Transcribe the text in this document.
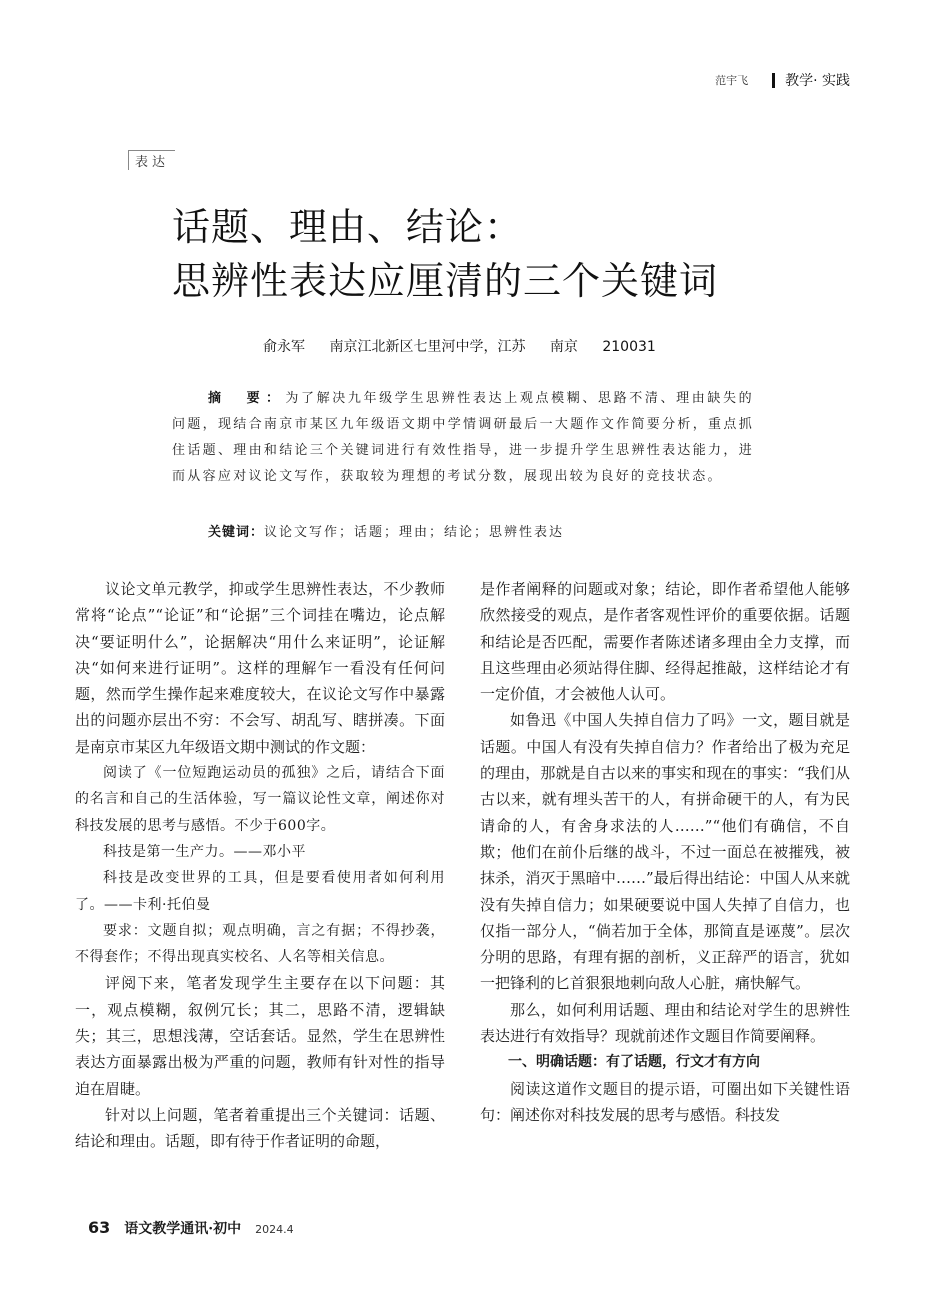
范宇飞	教学· 实践
表达
话题、理由、结论：
思辨性表达应厘清的三个关键词
俞永军 南京江北新区七里河中学，江苏 南京 210031
摘　要：为了解决九年级学生思辨性表达上观点模糊、思路不清、理由缺失的问题，现结合南京市某区九年级语文期中学情调研最后一大题作文作简要分析，重点抓住话题、理由和结论三个关键词进行有效性指导，进一步提升学生思辨性表达能力，进而从容应对议论文写作，获取较为理想的考试分数，展现出较为良好的竞技状态。
关键词：议论文写作；话题；理由；结论；思辨性表达

议论文单元教学，抑或学生思辨性表达，不少教师常将“论点”“论证”和“论据”三个词挂在嘴边，论点解决“要证明什么”，论据解决“用什么来证明”，论证解决“如何来进行证明”。这样的理解乍一看没有任何问题，然而学生操作起来难度较大，在议论文写作中暴露出的问题亦层出不穷：不会写、胡乱写、瞎拼凑。下面是南京市某区九年级语文期中测试的作文题：

阅读了《一位短跑运动员的孤独》之后，请结合下面的名言和自己的生活体验，写一篇议论性文章，阐述你对科技发展的思考与感悟。不少于600字。

科技是第一生产力。——邓小平

科技是改变世界的工具，但是要看使用者如何利用了。——卡利·托伯曼

要求：文题自拟；观点明确，言之有据；不得抄袭，不得套作；不得出现真实校名、人名等相关信息。

评阅下来，笔者发现学生主要存在以下问题：其一，观点模糊，叙例冗长；其二，思路不清，逻辑缺失；其三，思想浅薄，空话套话。显然，学生在思辨性表达方面暴露出极为严重的问题，教师有针对性的指导迫在眉睫。

针对以上问题，笔者着重提出三个关键词：话题、结论和理由。话题，即有待于作者证明的命题，

是作者阐释的问题或对象；结论，即作者希望他人能够欣然接受的观点，是作者客观性评价的重要依据。话题和结论是否匹配，需要作者陈述诸多理由全力支撑，而且这些理由必须站得住脚、经得起推敲，这样结论才有一定价值，才会被他人认可。

如鲁迅《中国人失掉自信力了吗》一文，题目就是话题。中国人有没有失掉自信力？作者给出了极为充足的理由，那就是自古以来的事实和现在的事实：“我们从古以来，就有埋头苦干的人，有拼命硬干的人，有为民请命的人，有舍身求法的人……”“他们有确信，不自欺；他们在前仆后继的战斗，不过一面总在被摧残，被抹杀，消灭于黑暗中……”最后得出结论：中国人从来就没有失掉自信力；如果硬要说中国人失掉了自信力，也仅指一部分人，“倘若加于全体，那简直是诬蔑”。层次分明的思路，有理有据的剖析，义正辞严的语言，犹如一把锋利的匕首狠狠地刺向敌人心脏，痛快解气。

那么，如何利用话题、理由和结论对学生的思辨性表达进行有效指导？现就前述作文题目作简要阐释。

一、明确话题：有了话题，行文才有方向

阅读这道作文题目的提示语，可圈出如下关键性语句：阐述你对科技发展的思考与感悟。科技发

63 语文教学通讯·初中 2024.4
